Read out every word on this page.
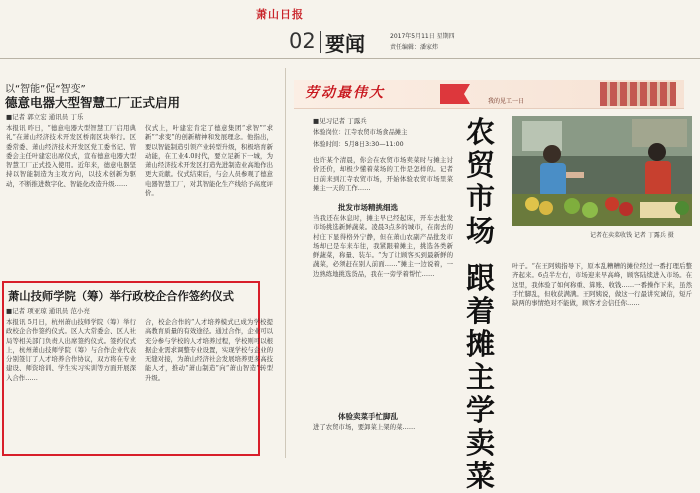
萧山日报
02 要闻	2017年5月11日 星期四
责任编辑：潘家炜
以“智能”促“智变”
德意电器大型智慧工厂正式启用
■记者 郭立宏 通讯员 丁乐
本报讯 昨日，“德意电器大型智慧工厂启用典礼”在萧山经济技术开发区桥南区块举行。区委常委、萧山经济技术开发区党工委书记、管委会主任叶建宏出席仪式，宣布德意电器大型智慧工厂正式投入使用。近年来，德意电器坚持以智能制造为主攻方向，以技术创新为驱动，不断推进数字化、智能化改造升级……
仪式上，叶建宏肯定了德意集团“求智”“求新”“求变”的创新精神和发展理念。他指出，要以智能制造引领产业转型升级，积极培育新动能，在工业4.0时代，要立足新下一城，为萧山经济技术开发区打造先进制造业高地作出更大贡献。仪式结束后，与会人员参观了德意电器智慧工厂，对其智能化生产线给予高度评价。
萧山技师学院（筹）举行政校企合作签约仪式
■记者 项亚琼 通讯员 范小亮
本报讯 5月日，杭州萧山技师学院（筹）举行政校企合作签约仪式。区人大常委会、区人社局等相关部门负责人出席签约仪式。签约仪式上，杭州萧山技师学院（筹）与合作企业代表分别签订了人才培养合作协议，双方将在专业建设、师资培训、学生实习实训等方面开展深入合作……
合，校企合作的“人才培养模式已成为学校提高教育质量的有效途径。通过合作，企业可以充分参与学校的人才培养过程，学校则可以根据企业需求调整专业设置，实现学校与企业的无缝对接，为萧山经济社会发展培养更多高技能人才，推动“萧山制造”向“萧山智造”转型升级。
劳动最伟大
我的见工一日
■见习记者 丁露兵
体验岗位：江寺农贸市场食品摊主
体验时间：5月8日3:30—11:00
也许某个清晨，你会在农贸市场卖菜时与摊主讨价还价，却极少懂着菜场的工作是怎样的。记者日前来到江寺农贸市场，开始体验农贸市场里菜摊主一天的工作……
批发市场精挑细选
当我还在休息时，摊主早已经起床，开车去批发市场挑选新鲜蔬菜。凌晨3点多的城市，在南去的村庄下显得格外宁静，但在萧山农副产品批发市场却已是车来车往，我紧跟着摊主，挑选各类新鲜蔬菜，称量、装车。“为了让顾客买到最新鲜的蔬菜，必须赶在别人前面……”摊主一边说着，一边熟练地挑选货品，我在一旁学着帮忙……
体验卖菜手忙脚乱
进了农贸市场，要卸菜上架的菜……
农贸市场
跟着摊主学卖菜
记者在卖菜收钱 记者 丁露兵 摄
叶子。“在王阿姨指导下，原本乱糟糟的摊位经过一番打理后整齐起来。6点半左右，市场迎来早高峰，顾客陆续进入市场。在这里，我体验了如何称重、算账、收钱……一番操作下来，虽然手忙脚乱，但收获满满。王阿姨说，做这一行最讲究诚信，短斤缺两的事情绝对不能做，顾客才会信任你……
